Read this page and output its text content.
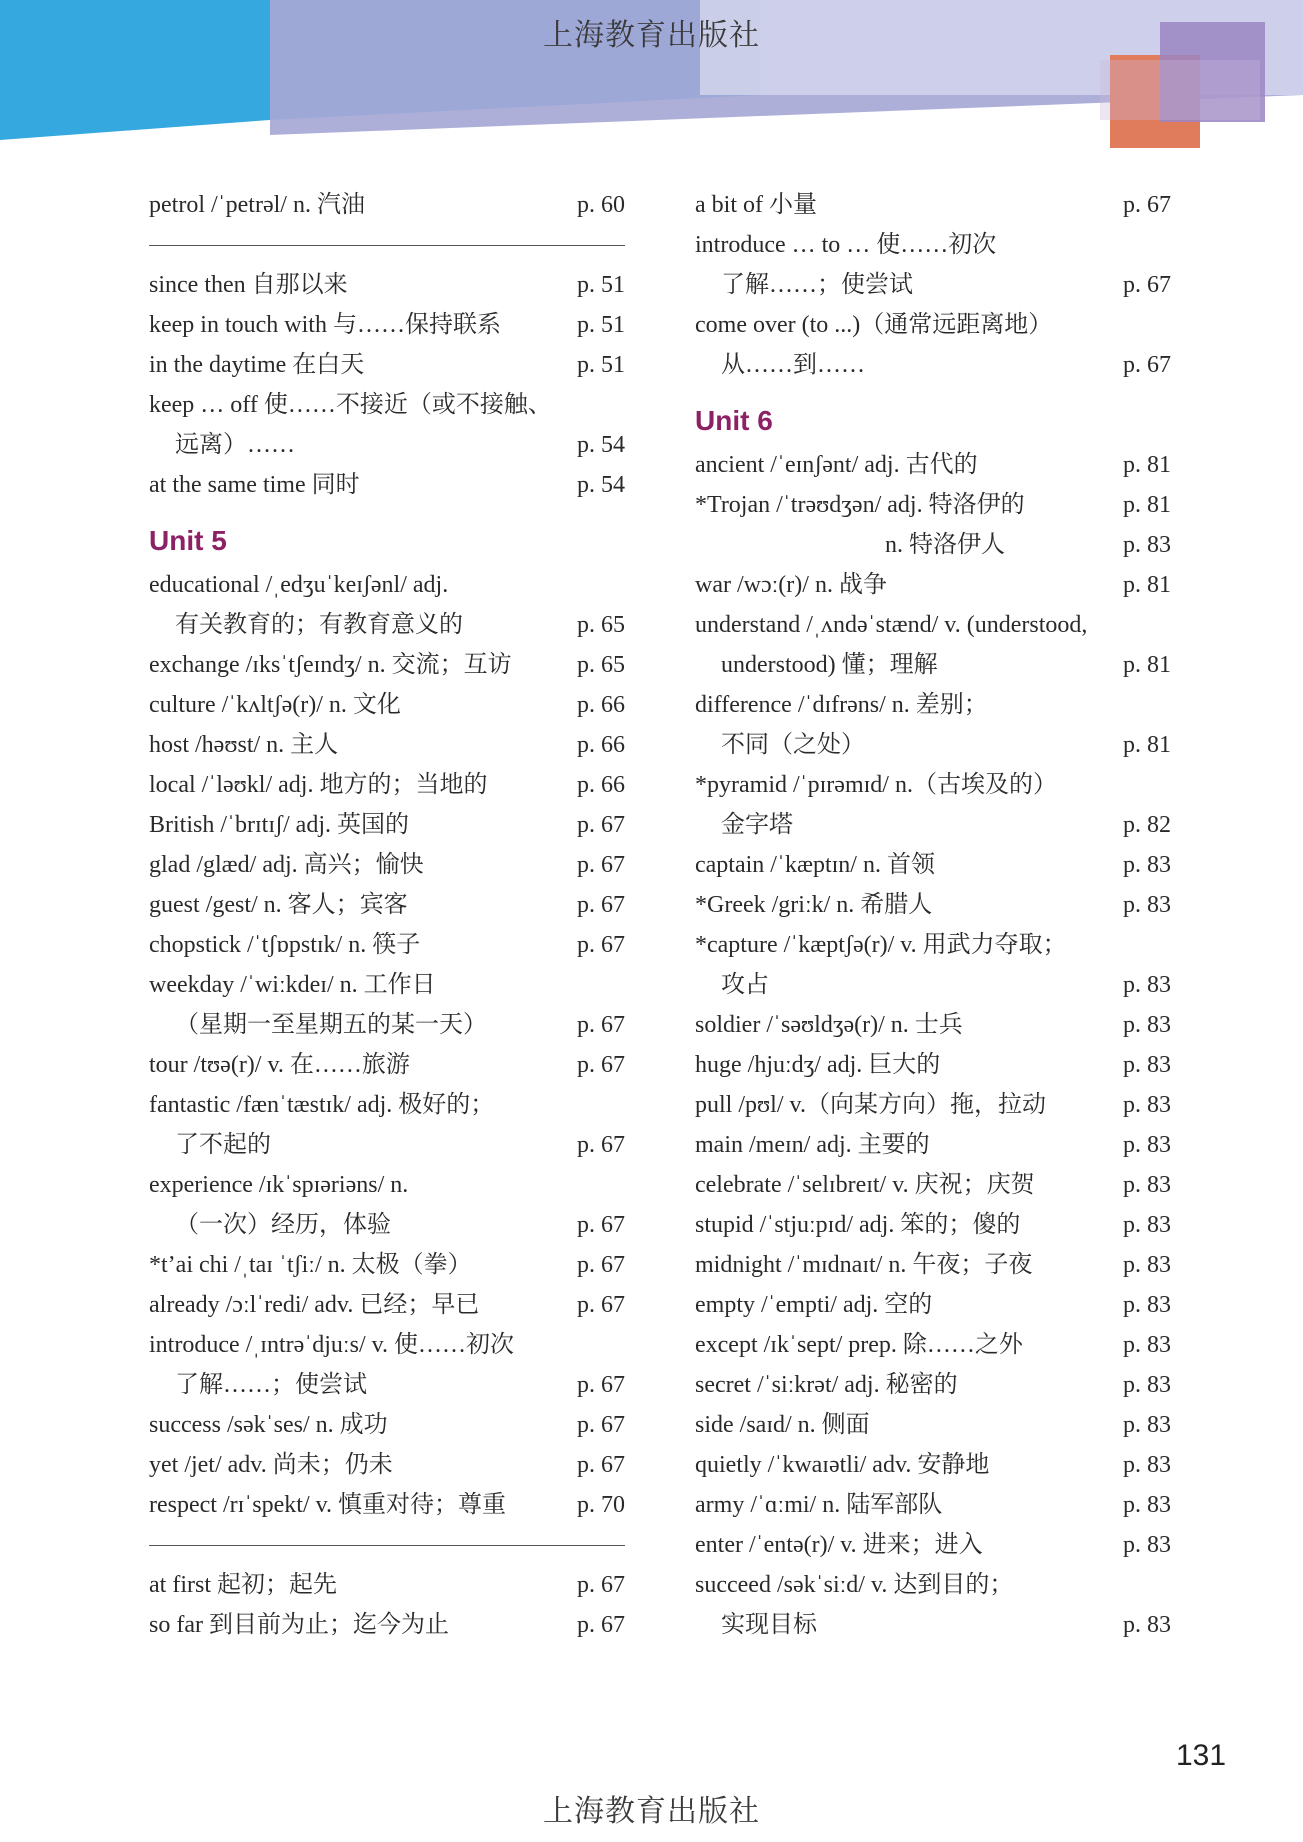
上海教育出版社
petrol /ˈpetrəl/ n. 汽油	p. 60
since then 自那以来	p. 51
keep in touch with 与……保持联系	p. 51
in the daytime 在白天	p. 51
keep … off 使……不接近（或不接触、
远离）……	p. 54
at the same time 同时	p. 54
Unit 5
educational /ˌedʒuˈkeɪʃənl/ adj.
有关教育的；有教育意义的	p. 65
exchange /ɪksˈtʃeɪndʒ/ n. 交流；互访	p. 65
culture /ˈkʌltʃə(r)/ n. 文化	p. 66
host /həʊst/ n. 主人	p. 66
local /ˈləʊkl/ adj. 地方的；当地的	p. 66
British /ˈbrɪtɪʃ/ adj. 英国的	p. 67
glad /glæd/ adj. 高兴；愉快	p. 67
guest /gest/ n. 客人；宾客	p. 67
chopstick /ˈtʃɒpstɪk/ n. 筷子	p. 67
weekday /ˈwiːkdeɪ/ n. 工作日
（星期一至星期五的某一天）	p. 67
tour /tʊə(r)/ v. 在……旅游	p. 67
fantastic /fænˈtæstɪk/ adj. 极好的；
了不起的	p. 67
experience /ɪkˈspɪəriəns/ n.
（一次）经历，体验	p. 67
*t’ai chi /ˌtaɪ ˈtʃiː/ n. 太极（拳）	p. 67
already /ɔːlˈredi/ adv. 已经；早已	p. 67
introduce /ˌɪntrəˈdjuːs/ v. 使……初次
了解……；使尝试	p. 67
success /səkˈses/ n. 成功	p. 67
yet /jet/ adv. 尚未；仍未	p. 67
respect /rɪˈspekt/ v. 慎重对待；尊重	p. 70
at first 起初；起先	p. 67
so far 到目前为止；迄今为止	p. 67
a bit of 小量	p. 67
introduce … to … 使……初次
了解……；使尝试	p. 67
come over (to ...)（通常远距离地）
从……到……	p. 67
Unit 6
ancient /ˈeɪnʃənt/ adj. 古代的	p. 81
*Trojan /ˈtrəʊdʒən/ adj. 特洛伊的	p. 81
n. 特洛伊人	p. 83
war /wɔː(r)/ n. 战争	p. 81
understand /ˌʌndəˈstænd/ v. (understood,
understood) 懂；理解	p. 81
difference /ˈdɪfrəns/ n. 差别；
不同（之处）	p. 81
*pyramid /ˈpɪrəmɪd/ n.（古埃及的）
金字塔	p. 82
captain /ˈkæptɪn/ n. 首领	p. 83
*Greek /griːk/ n. 希腊人	p. 83
*capture /ˈkæptʃə(r)/ v. 用武力夺取；
攻占	p. 83
soldier /ˈsəʊldʒə(r)/ n. 士兵	p. 83
huge /hjuːdʒ/ adj. 巨大的	p. 83
pull /pʊl/ v.（向某方向）拖，拉动	p. 83
main /meɪn/ adj. 主要的	p. 83
celebrate /ˈselɪbreɪt/ v. 庆祝；庆贺	p. 83
stupid /ˈstjuːpɪd/ adj. 笨的；傻的	p. 83
midnight /ˈmɪdnaɪt/ n. 午夜；子夜	p. 83
empty /ˈempti/ adj. 空的	p. 83
except /ɪkˈsept/ prep. 除……之外	p. 83
secret /ˈsiːkrət/ adj. 秘密的	p. 83
side /saɪd/ n. 侧面	p. 83
quietly /ˈkwaɪətli/ adv. 安静地	p. 83
army /ˈɑːmi/ n. 陆军部队	p. 83
enter /ˈentə(r)/ v. 进来；进入	p. 83
succeed /səkˈsiːd/ v. 达到目的；
实现目标	p. 83
131
上海教育出版社
